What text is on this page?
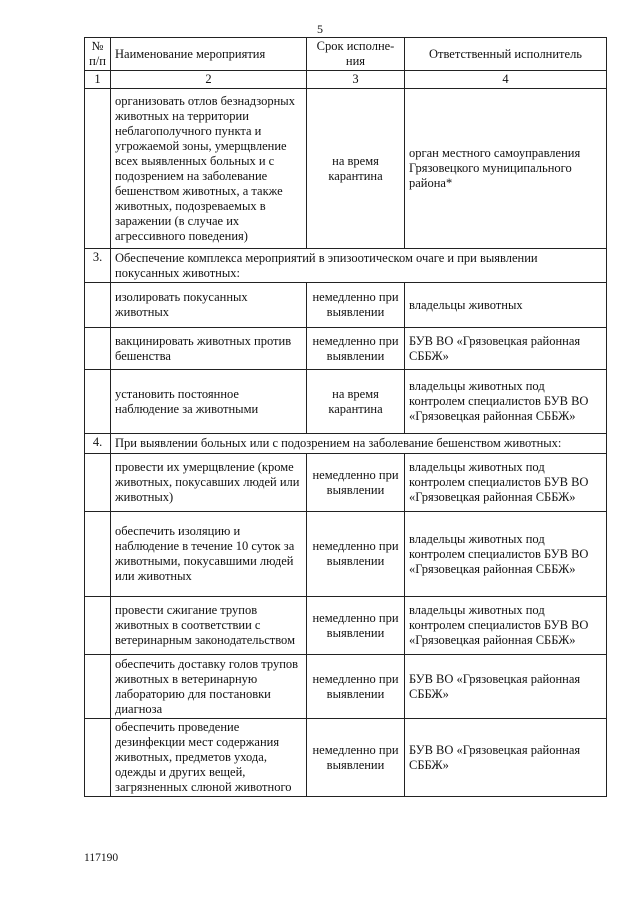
5
№ п/п	Наименование мероприятия	Срок исполне-ния	Ответственный исполнитель
1	2	3	4
	организовать отлов безнадзорных животных на территории неблагополучного пункта и угрожаемой зоны, умерщвление всех выявленных больных и с подозрением на заболевание бешенством животных, а также животных, подозреваемых в заражении (в случае их агрессивного поведения)	на время карантина	орган местного самоуправления Грязовецкого муниципального района*
3.	Обеспечение комплекса мероприятий в эпизоотическом очаге и при выявлении покусанных животных:		
	изолировать покусанных животных	немедленно при выявлении	владельцы животных
	вакцинировать животных против бешенства	немедленно при выявлении	БУВ ВО «Грязовецкая районная СББЖ»
	установить постоянное наблюдение за животными	на время карантина	владельцы животных под контролем специалистов БУВ ВО «Грязовецкая районная СББЖ»
4.	При выявлении больных или с подозрением на заболевание бешенством животных:		
	провести их умерщвление (кроме животных, покусавших людей или животных)	немедленно при выявлении	владельцы животных под контролем специалистов БУВ ВО «Грязовецкая районная СББЖ»
	обеспечить изоляцию и наблюдение в течение 10 суток за животными, покусавшими людей или животных	немедленно при выявлении	владельцы животных под контролем специалистов БУВ ВО «Грязовецкая районная СББЖ»
	провести сжигание трупов животных в соответствии с ветеринарным законодательством	немедленно при выявлении	владельцы животных под контролем специалистов БУВ ВО «Грязовецкая районная СББЖ»
	обеспечить доставку голов трупов животных в ветеринарную лабораторию для постановки диагноза	немедленно при выявлении	БУВ ВО «Грязовецкая районная СББЖ»
	обеспечить проведение дезинфекции мест содержания животных, предметов ухода, одежды и других вещей, загрязненных слюной животного	немедленно при выявлении	БУВ ВО «Грязовецкая районная СББЖ»
117190
